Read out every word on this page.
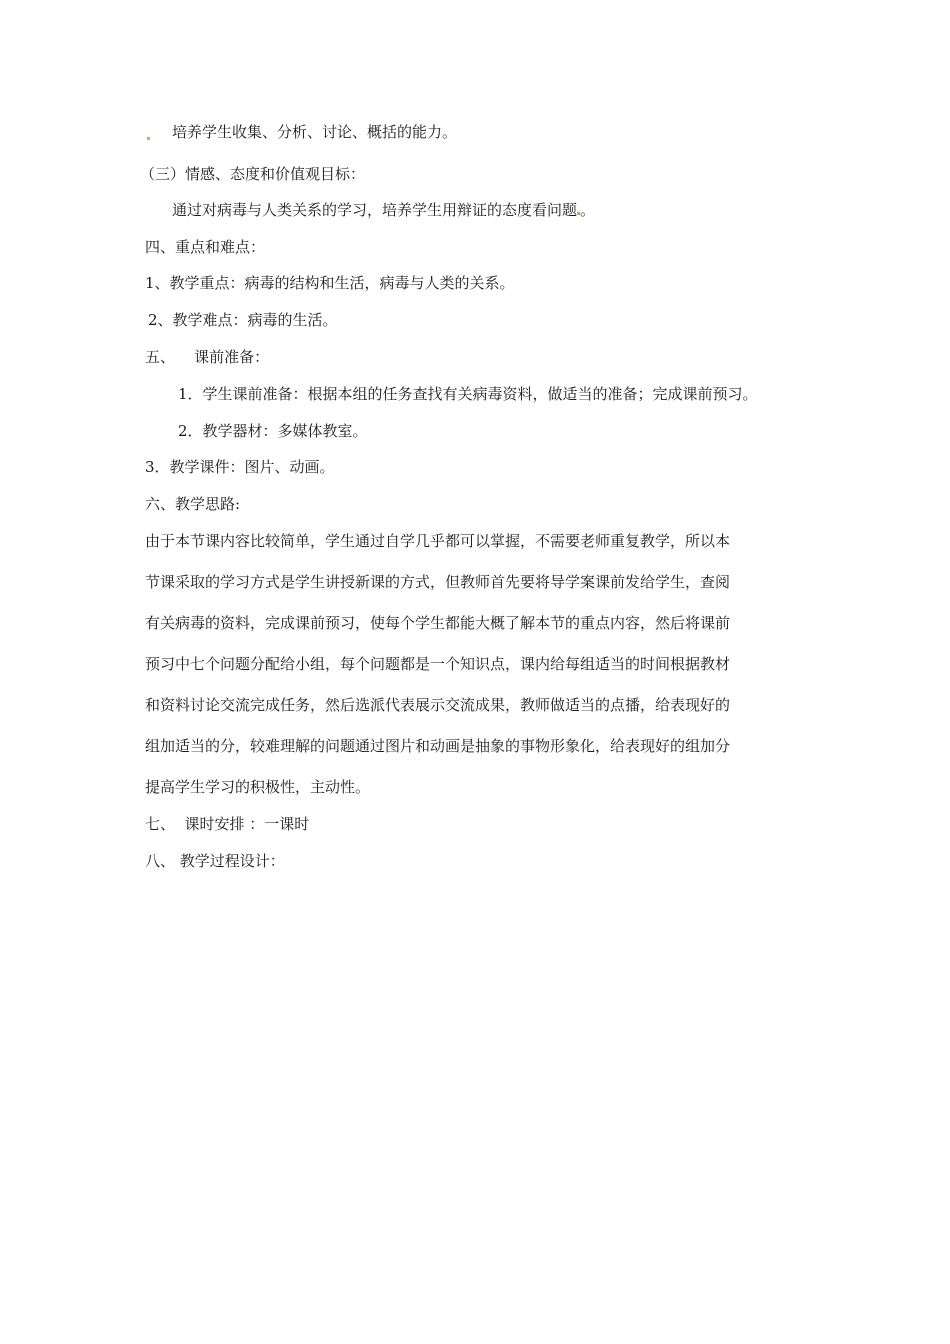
培养学生收集、分析、讨论、概括的能力。
（三）情感、态度和价值观目标：
通过对病毒与人类关系的学习，培养学生用辩证的态度看问题 。
四、重点和难点：
1、教学重点：病毒的结构和生活，病毒与人类的关系。
2、教学难点：病毒的生活。
五、    课前准备：
1．学生课前准备：根据本组的任务查找有关病毒资料，做适当的准备；完成课前预习。
2．教学器材：多媒体教室。
3．教学课件：图片、动画。
六、教学思路:
由于本节课内容比较简单，学生通过自学几乎都可以掌握，不需要老师重复教学，所以本
节课采取的学习方式是学生讲授新课的方式，但教师首先要将导学案课前发给学生，查阅
有关病毒的资料，完成课前预习，使每个学生都能大概了解本节的重点内容，然后将课前
预习中七个问题分配给小组，每个问题都是一个知识点，课内给每组适当的时间根据教材
和资料讨论交流完成任务，然后选派代表展示交流成果，教师做适当的点播，给表现好的
组加适当的分，较难理解的问题通过图片和动画是抽象的事物形象化，给表现好的组加分
提高学生学习的积极性，主动性。
七、  课时安排 ：一课时
八、 教学过程设计：
